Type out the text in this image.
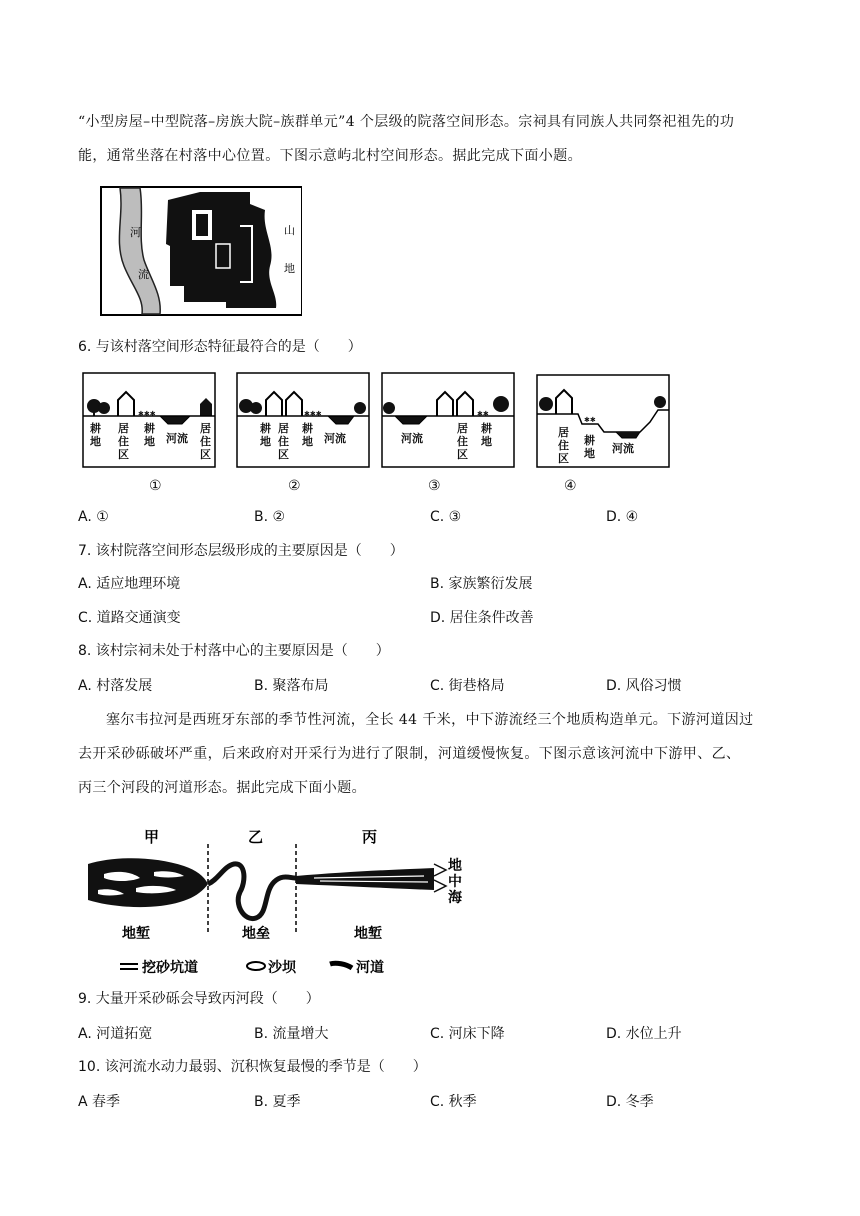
“小型房屋–中型院落–房族大院–族群单元”4 个层级的院落空间形态。宗祠具有同族人共同祭祀祖先的功
能，通常坐落在村落中心位置。下图示意屿北村空间形态。据此完成下面小题。
河
流
山
地
6. 与该村落空间形态特征最符合的是（　　）
✱✱✱
耕地
居住区
耕地 河流
居住区
①
✱✱✱
耕地
居住区
耕地 河流
②
✱✱
河流
居住区
耕地
③
✱✱
居住区
耕地 河流
④
A. ①	B. ②	C. ③	D. ④
7. 该村院落空间形态层级形成的主要原因是（　　）
A. 适应地理环境	B. 家族繁衍发展
C. 道路交通演变	D. 居住条件改善
8. 该村宗祠未处于村落中心的主要原因是（　　）
A. 村落发展	B. 聚落布局	C. 街巷格局	D. 风俗习惯
塞尔韦拉河是西班牙东部的季节性河流，全长 44 千米，中下游流经三个地质构造单元。下游河道因过
去开采砂砾破坏严重，后来政府对开采行为进行了限制，河道缓慢恢复。下图示意该河流中下游甲、乙、
丙三个河段的河道形态。据此完成下面小题。
甲	乙	丙
地
中
海
地堑	地垒	地堑
挖砂坑道	沙坝	河道
9. 大量开采砂砾会导致丙河段（　　）
A. 河道拓宽	B. 流量增大	C. 河床下降	D. 水位上升
10. 该河流水动力最弱、沉积恢复最慢的季节是（　　）
A 春季	B. 夏季	C. 秋季	D. 冬季
